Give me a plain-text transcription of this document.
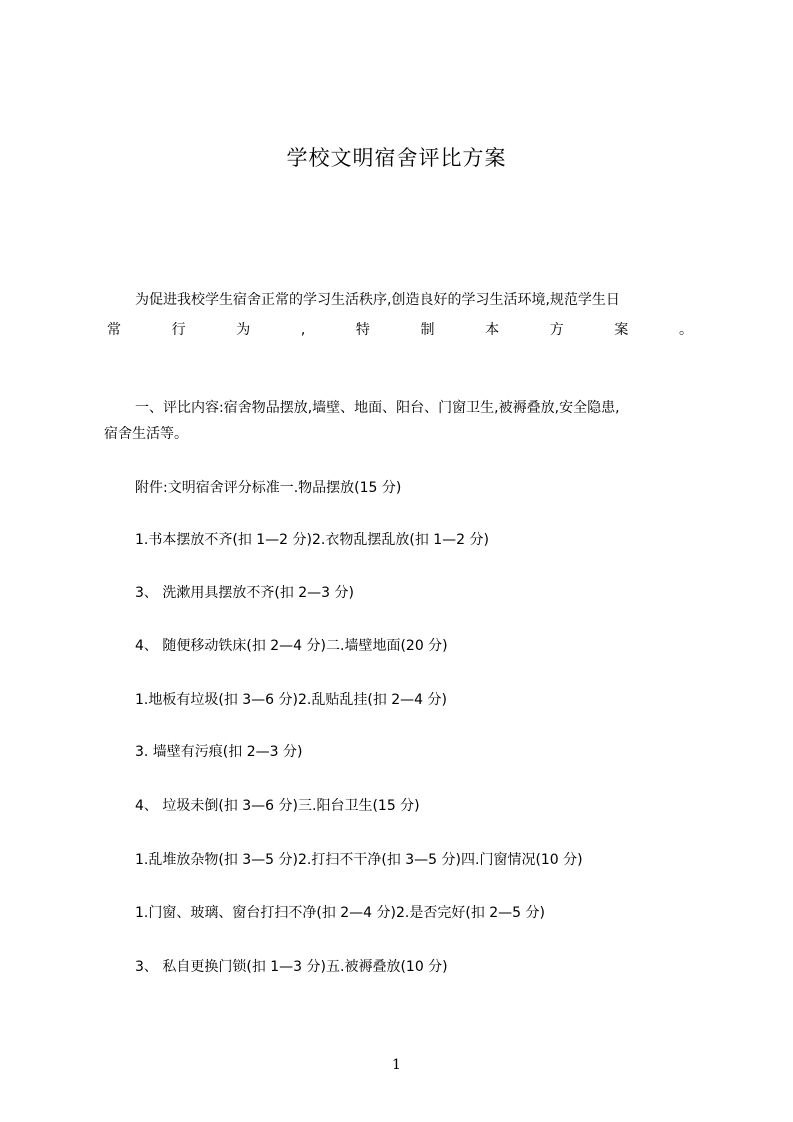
学校文明宿舍评比方案
为促进我校学生宿舍正常的学习生活秩序,创造良好的学习生活环境,规范学生日
常	行	为	,	特	制	本	方	案	。
一、评比内容:宿舍物品摆放,墙壁、地面、阳台、门窗卫生,被褥叠放,安全隐患,
宿舍生活等。
附件:文明宿舍评分标准一.物品摆放(15 分)
1.书本摆放不齐(扣 1—2 分)2.衣物乱摆乱放(扣 1—2 分)
3、 洗漱用具摆放不齐(扣 2—3 分)
4、 随便移动铁床(扣 2—4 分)二.墙壁地面(20 分)
1.地板有垃圾(扣 3—6 分)2.乱贴乱挂(扣 2—4 分)
3. 墙壁有污痕(扣 2—3 分)
4、 垃圾未倒(扣 3—6 分)三.阳台卫生(15 分)
1.乱堆放杂物(扣 3—5 分)2.打扫不干净(扣 3—5 分)四.门窗情况(10 分)
1.门窗、玻璃、窗台打扫不净(扣 2—4 分)2.是否完好(扣 2—5 分)
3、 私自更换门锁(扣 1—3 分)五.被褥叠放(10 分)
1
